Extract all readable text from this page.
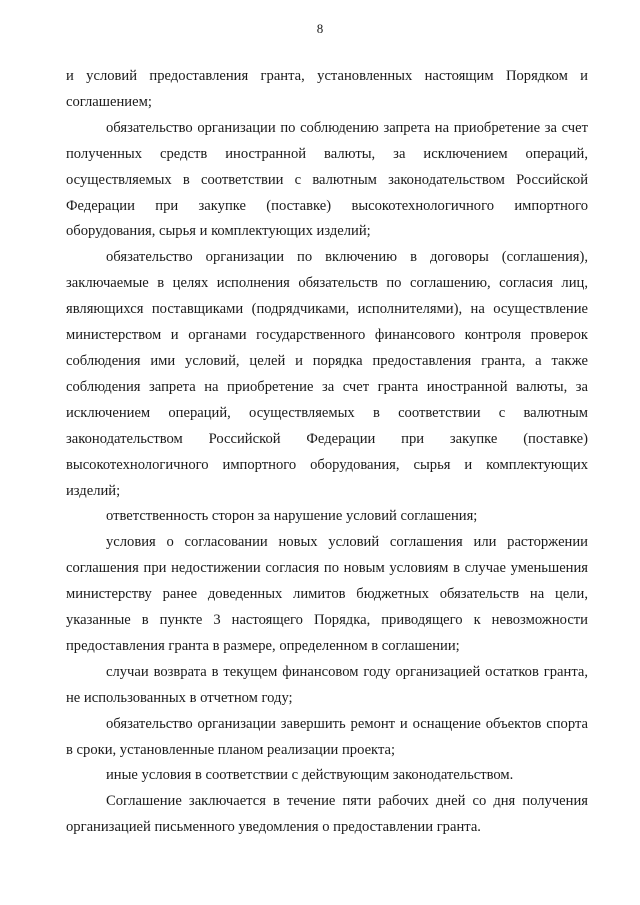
8

и условий предоставления гранта, установленных настоящим Порядком и соглашением;

обязательство организации по соблюдению запрета на приобретение за счет полученных средств иностранной валюты, за исключением операций, осуществляемых в соответствии с валютным законодательством Российской Федерации при закупке (поставке) высокотехнологичного импортного оборудования, сырья и комплектующих изделий;

обязательство организации по включению в договоры (соглашения), заключаемые в целях исполнения обязательств по соглашению, согласия лиц, являющихся поставщиками (подрядчиками, исполнителями), на осуществление министерством и органами государственного финансового контроля проверок соблюдения ими условий, целей и порядка предоставления гранта, а также соблюдения запрета на приобретение за счет гранта иностранной валюты, за исключением операций, осуществляемых в соответствии с валютным законодательством Российской Федерации при закупке (поставке) высокотехнологичного импортного оборудования, сырья и комплектующих изделий;

ответственность сторон за нарушение условий соглашения;

условия о согласовании новых условий соглашения или расторжении соглашения при недостижении согласия по новым условиям в случае уменьшения министерству ранее доведенных лимитов бюджетных обязательств на цели, указанные в пункте 3 настоящего Порядка, приводящего к невозможности предоставления гранта в размере, определенном в соглашении;

случаи возврата в текущем финансовом году организацией остатков гранта, не использованных в отчетном году;

обязательство организации завершить ремонт и оснащение объектов спорта в сроки, установленные планом реализации проекта;

иные условия в соответствии с действующим законодательством.

Соглашение заключается в течение пяти рабочих дней со дня получения организацией письменного уведомления о предоставлении гранта.
